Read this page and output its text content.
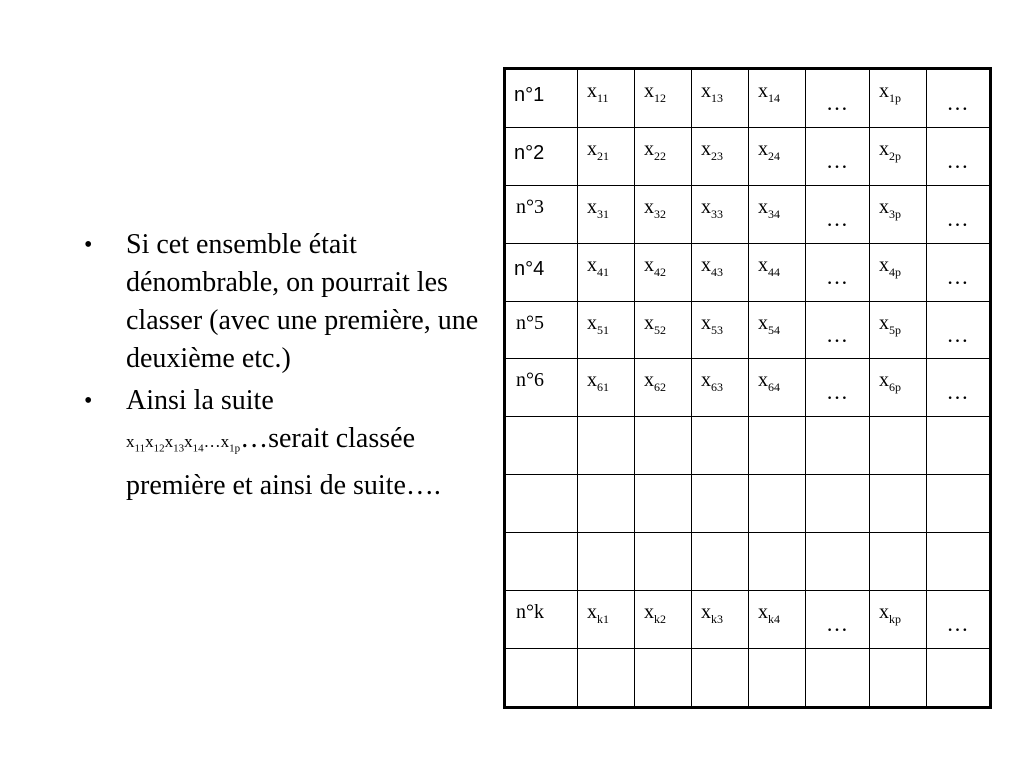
• Si cet ensemble était dénombrable, on pourrait les classer (avec une première, une deuxième etc.)
• Ainsi la suite
$x_{11}x_{12}x_{13}x_{14}\dots x_{1p}\dots serait$ classée première et ainsi de suite….
n°1	$x_{11}$	$x_{12}$	$x_{13}$	$x_{14}$	…	$x_{1p}$	…

n°2	$x_{21}$	$x_{22}$	$x_{23}$	$x_{24}$	…	$x_{2p}$	…

n°3	$x_{31}$	$x_{32}$	$x_{33}$	$x_{34}$	…	$x_{3p}$	…

n°4	$x_{41}$	$x_{42}$	$x_{43}$	$x_{44}$	…	$x_{4p}$	…

n°5	$x_{51}$	$x_{52}$	$x_{53}$	$x_{54}$	…	$x_{5p}$	…

n°6	$x_{61}$	$x_{62}$	$x_{63}$	$x_{64}$	…	$x_{6p}$	…

n°k	$x_{k1}$	$x_{k2}$	$x_{k3}$	$x_{k4}$	…	$x_{kp}$	…
